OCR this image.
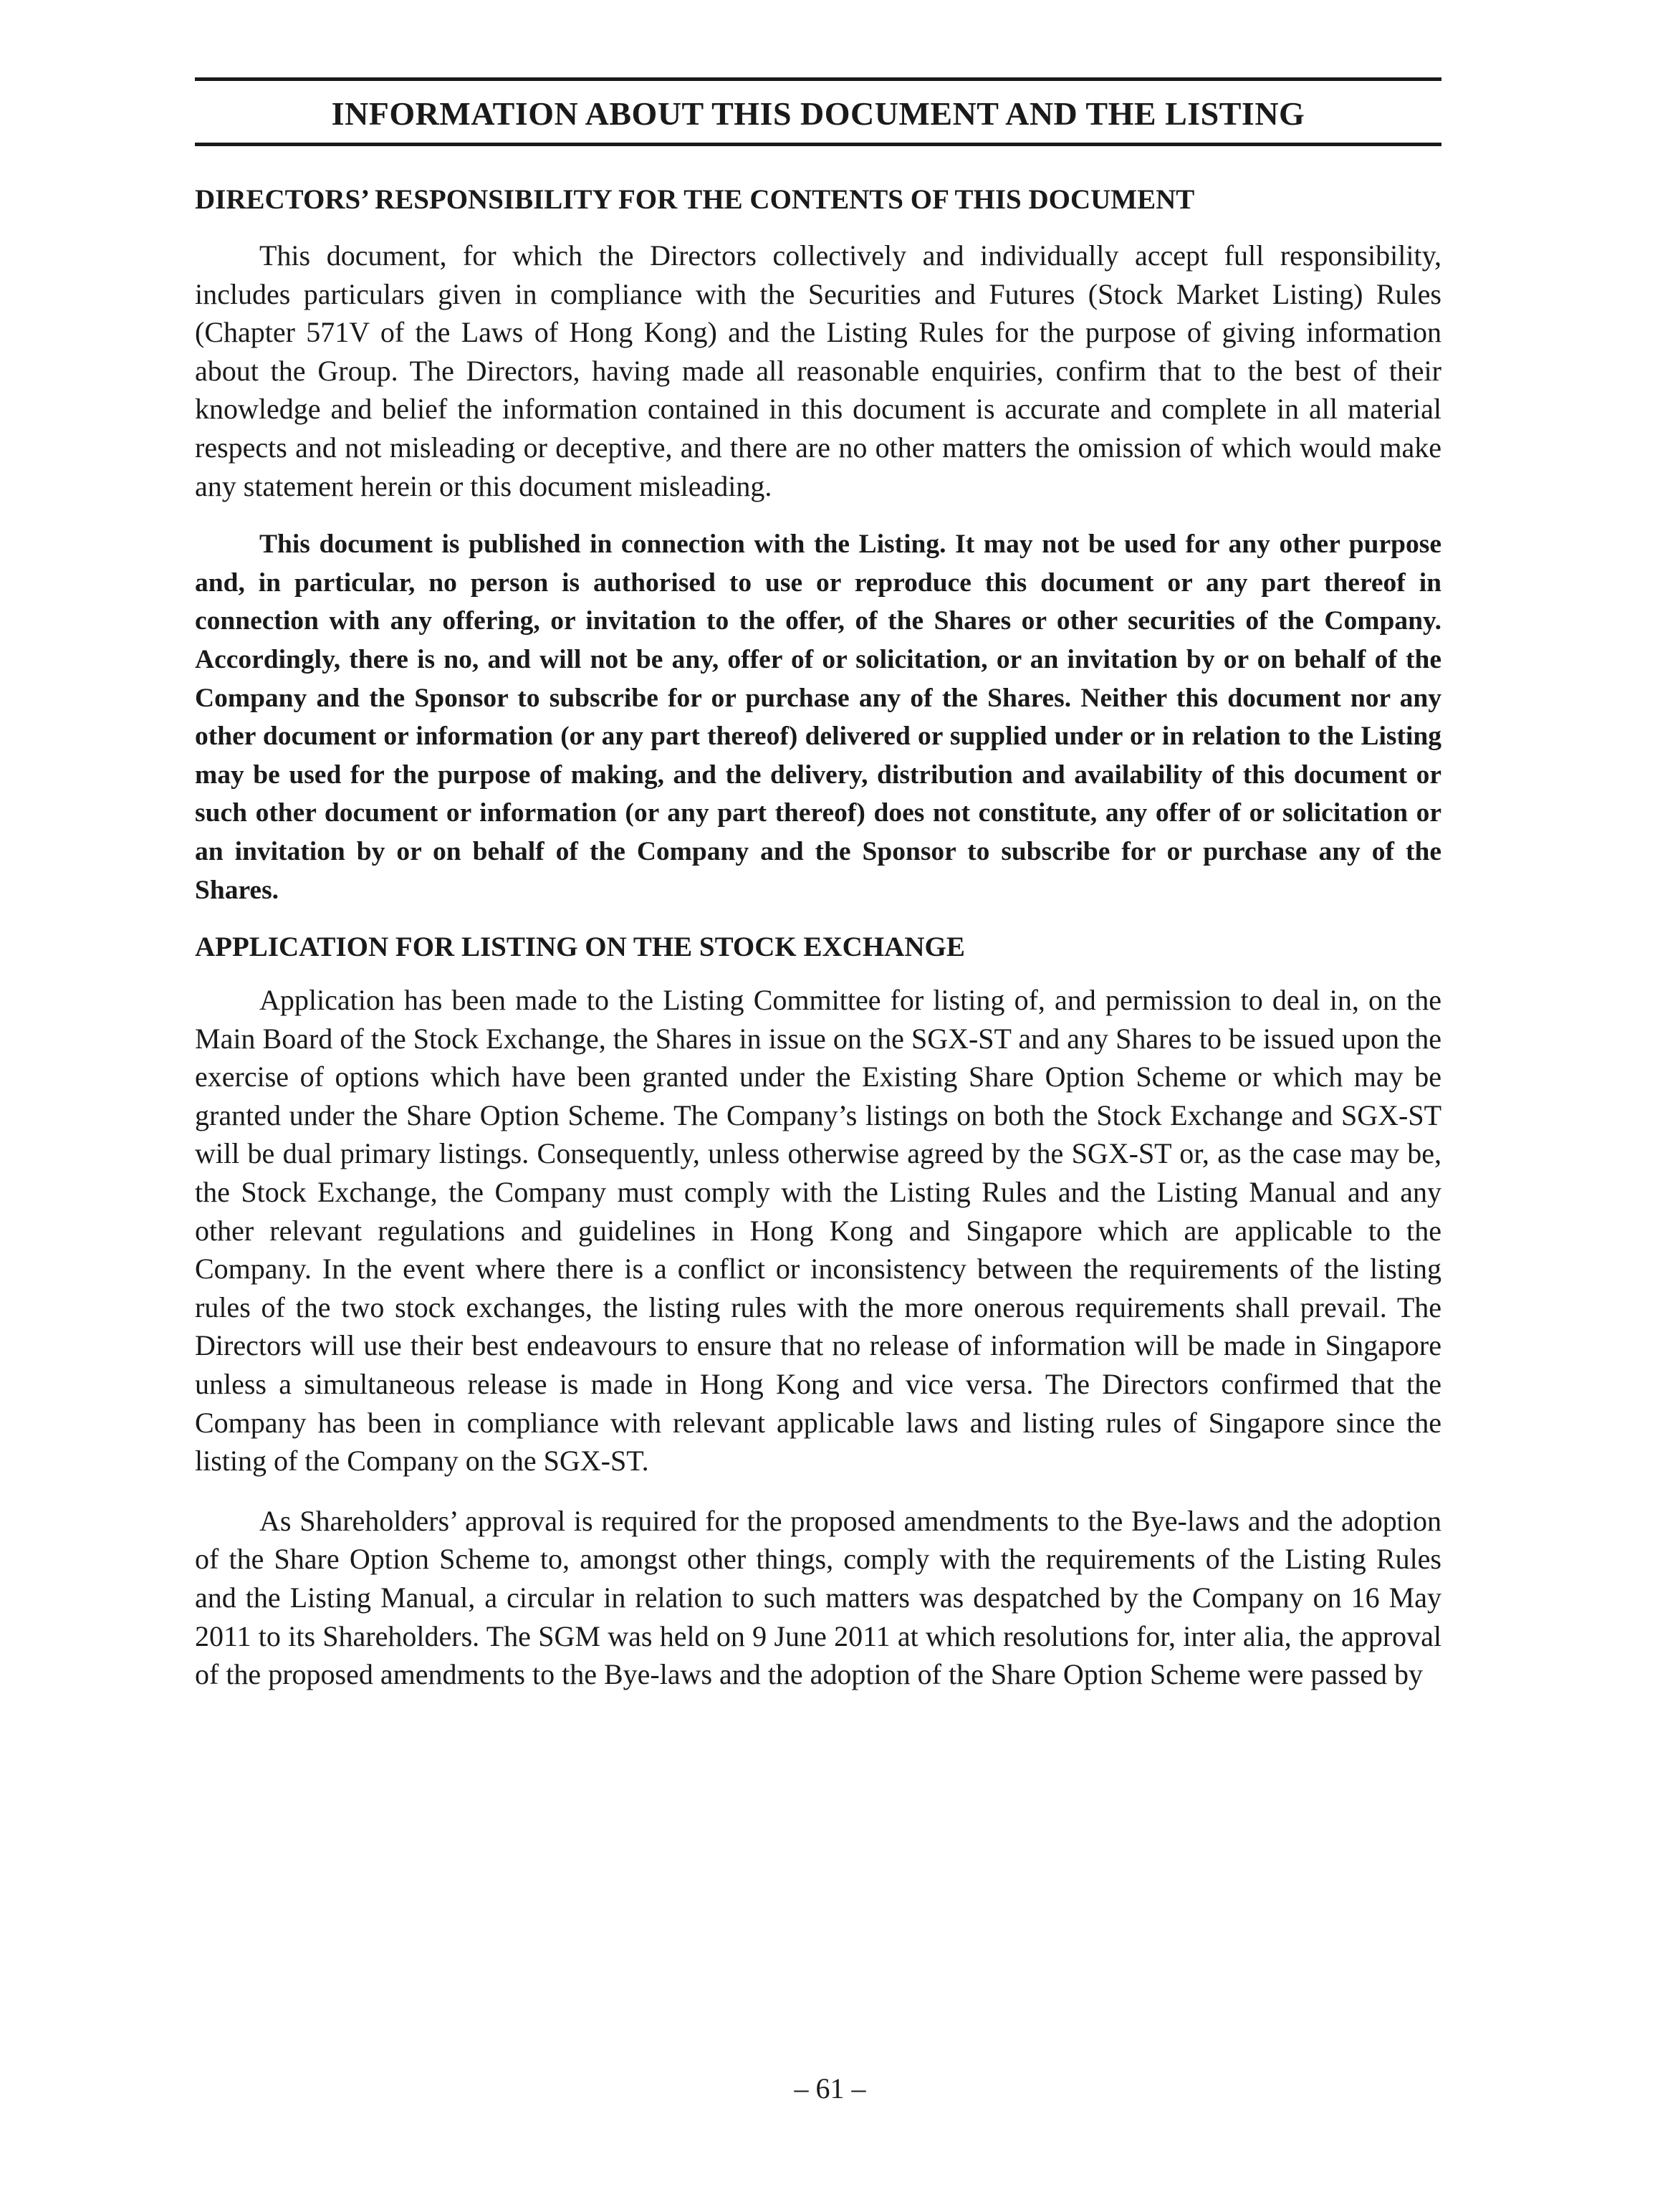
INFORMATION ABOUT THIS DOCUMENT AND THE LISTING
DIRECTORS’ RESPONSIBILITY FOR THE CONTENTS OF THIS DOCUMENT

This document, for which the Directors collectively and individually accept full responsibility, includes particulars given in compliance with the Securities and Futures (Stock Market Listing) Rules (Chapter 571V of the Laws of Hong Kong) and the Listing Rules for the purpose of giving information about the Group. The Directors, having made all reasonable enquiries, confirm that to the best of their knowledge and belief the information contained in this document is accurate and complete in all material respects and not misleading or deceptive, and there are no other matters the omission of which would make any statement herein or this document misleading.

This document is published in connection with the Listing. It may not be used for any other purpose and, in particular, no person is authorised to use or reproduce this document or any part thereof in connection with any offering, or invitation to the offer, of the Shares or other securities of the Company. Accordingly, there is no, and will not be any, offer of or solicitation, or an invitation by or on behalf of the Company and the Sponsor to subscribe for or purchase any of the Shares. Neither this document nor any other document or information (or any part thereof) delivered or supplied under or in relation to the Listing may be used for the purpose of making, and the delivery, distribution and availability of this document or such other document or information (or any part thereof) does not constitute, any offer of or solicitation or an invitation by or on behalf of the Company and the Sponsor to subscribe for or purchase any of the Shares.

APPLICATION FOR LISTING ON THE STOCK EXCHANGE

Application has been made to the Listing Committee for listing of, and permission to deal in, on the Main Board of the Stock Exchange, the Shares in issue on the SGX-ST and any Shares to be issued upon the exercise of options which have been granted under the Existing Share Option Scheme or which may be granted under the Share Option Scheme. The Company’s listings on both the Stock Exchange and SGX-ST will be dual primary listings. Consequently, unless otherwise agreed by the SGX-ST or, as the case may be, the Stock Exchange, the Company must comply with the Listing Rules and the Listing Manual and any other relevant regulations and guidelines in Hong Kong and Singapore which are applicable to the Company. In the event where there is a conflict or inconsistency between the requirements of the listing rules of the two stock exchanges, the listing rules with the more onerous requirements shall prevail. The Directors will use their best endeavours to ensure that no release of information will be made in Singapore unless a simultaneous release is made in Hong Kong and vice versa. The Directors confirmed that the Company has been in compliance with relevant applicable laws and listing rules of Singapore since the listing of the Company on the SGX-ST.

As Shareholders’ approval is required for the proposed amendments to the Bye-laws and the adoption of the Share Option Scheme to, amongst other things, comply with the requirements of the Listing Rules and the Listing Manual, a circular in relation to such matters was despatched by the Company on 16 May 2011 to its Shareholders. The SGM was held on 9 June 2011 at which resolutions for, inter alia, the approval of the proposed amendments to the Bye-laws and the adoption of the Share Option Scheme were passed by

– 61 –
